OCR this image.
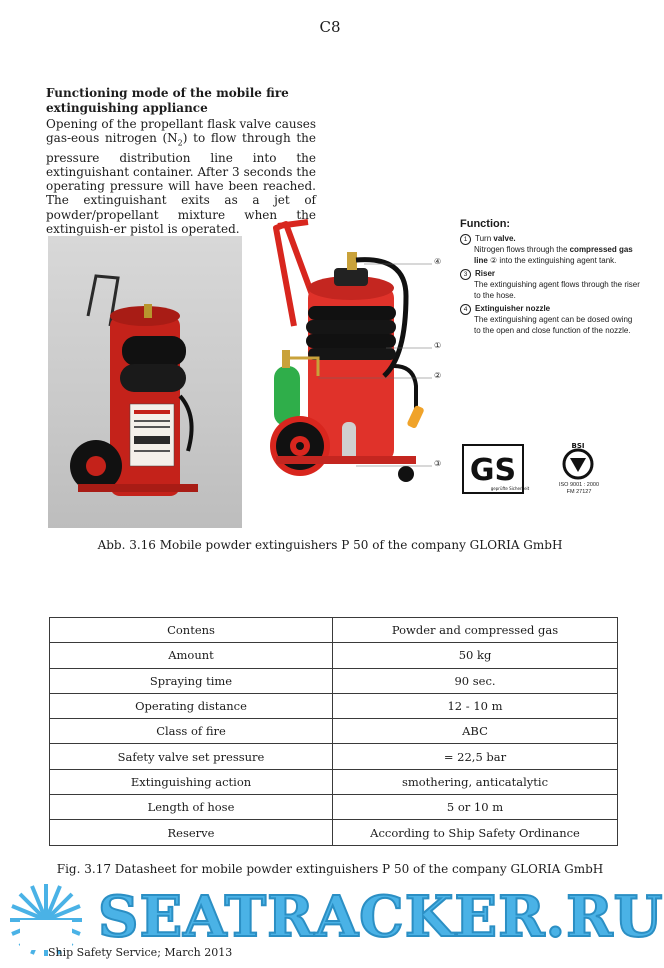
C8
Functioning mode of the mobile fire
extinguishing appliance
Opening of the propellant flask valve causes gas-eous nitrogen $(N_2)$ to flow through the pressure distribution line into the extinguishant container. After 3 seconds the operating pressure will have been reached. The extinguishant exits as a jet of powder/propellant mixture when the extinguish-er pistol is operated.
④
①
②
③
Function:
1 Turn valve.
Nitrogen flows through the compressed gas line ② into the extinguishing agent tank.
3 Riser
The extinguishing agent flows through the riser to the hose.
4 Extinguisher nozzle
The extinguishing agent can be dosed owing to the open and close function of the nozzle.
GS
geprüfte Sicherheit
BSI
ISO 9001 : 2000
FM 27127
Abb. 3.16 Mobile powder extinguishers P 50 of the company GLORIA GmbH
Contens	Powder and compressed gas
Amount	50 kg
Spraying time	90 sec.
Operating distance	12 - 10 m
Class of fire	ABC
Safety valve set pressure	= 22,5 bar
Extinguishing action	smothering, anticatalytic
Length of hose	5 or 10 m
Reserve	According to Ship Safety Ordinance
Fig. 3.17 Datasheet for mobile powder extinguishers P 50 of the company GLORIA GmbH
SEATRACKER.RU
Ship Safety Service; March 2013
